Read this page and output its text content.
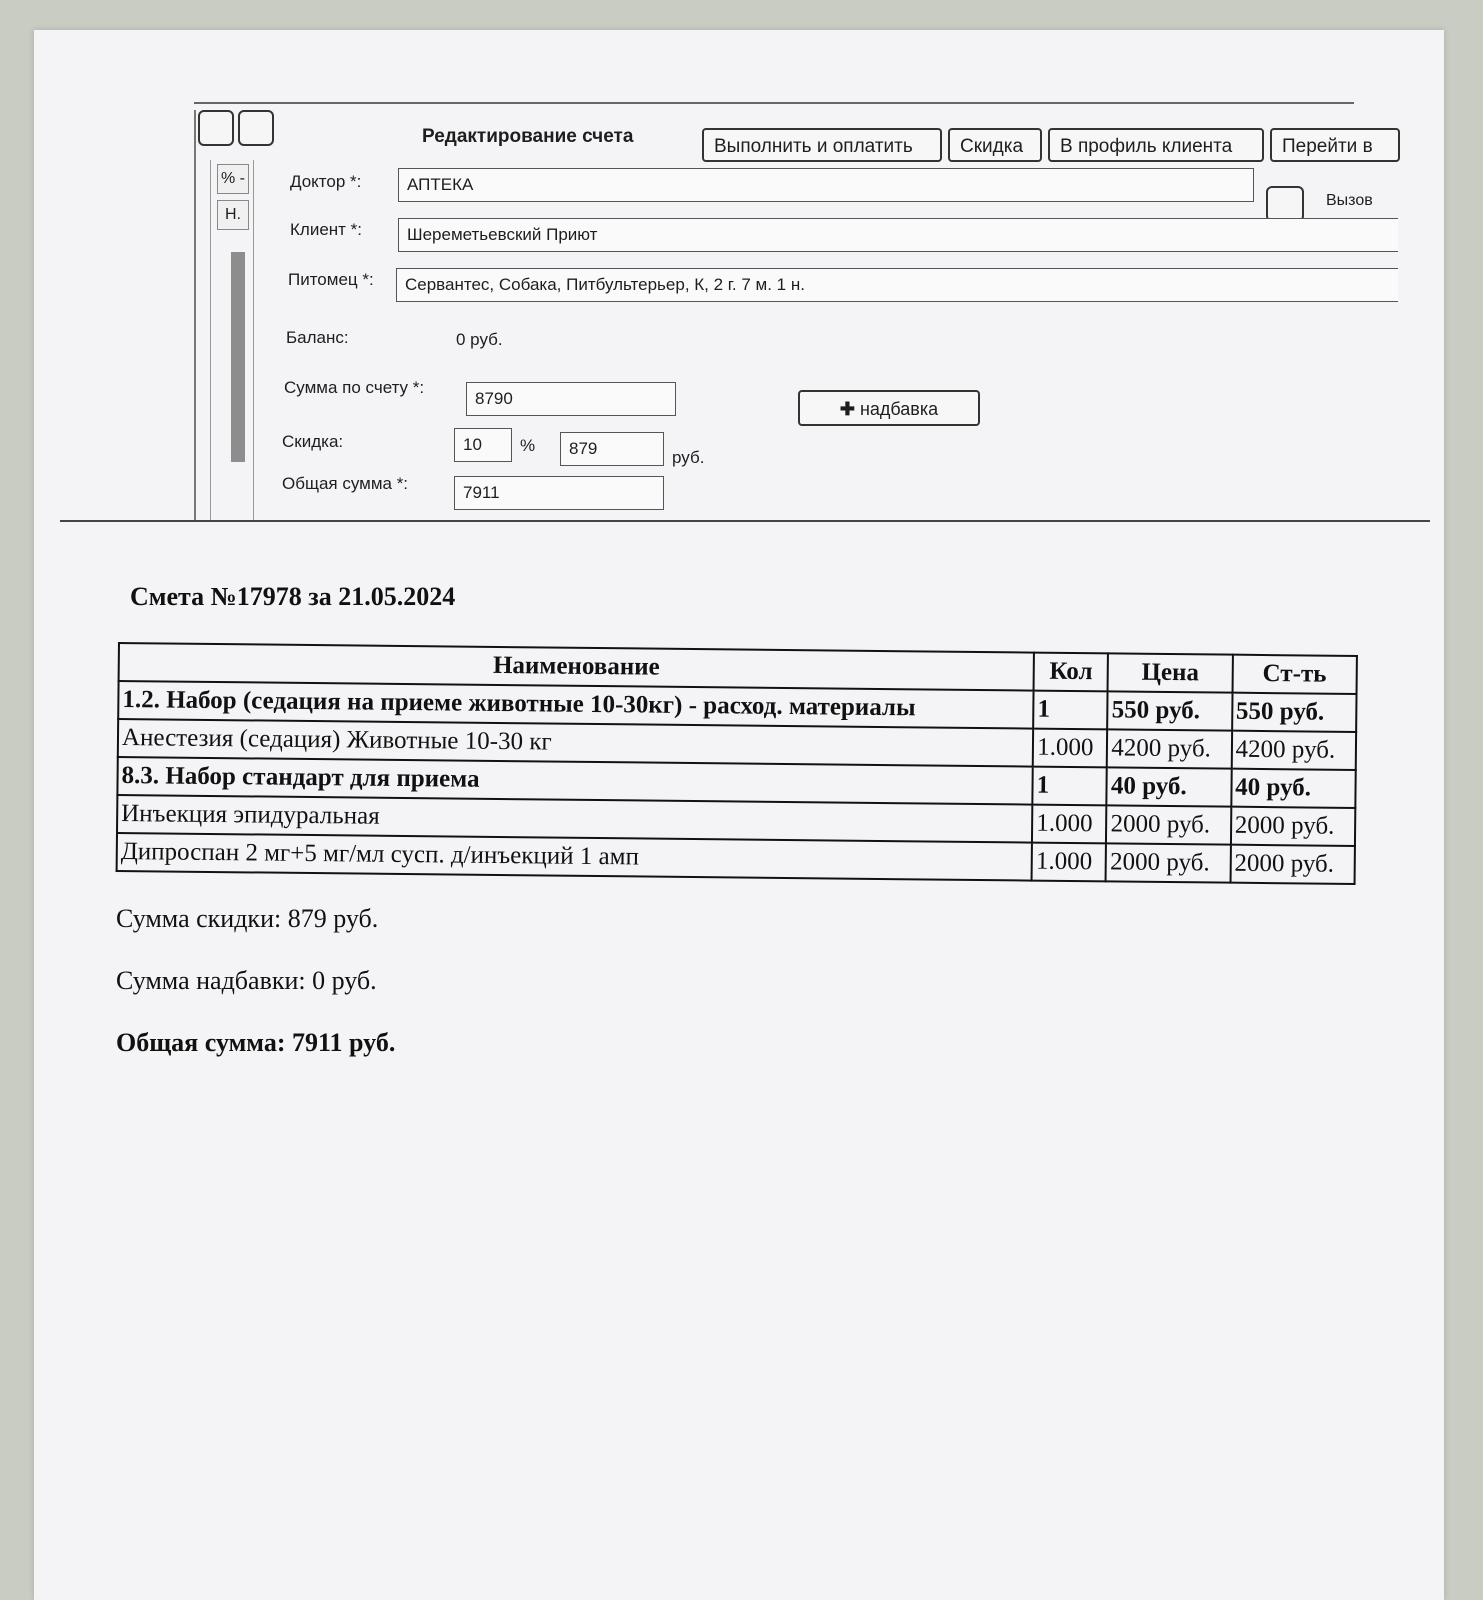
Редактирование счета	Выполнить и оплатить	Скидка	В профиль клиента	Перейти в
% -
Н.
Доктор *:	АПТЕКА
Вызов
Клиент *:	Шереметьевский Приют
Питомец *:	Сервантес, Собака, Питбультерьер, К, 2 г. 7 м. 1 н.
Баланс:	0 руб.
Сумма по счету *:
8790
✚ надбавка
Скидка:	10	%	879	руб.
Общая сумма *:	7911
Смета №17978 за 21.05.2024
Наименование	Кол	Цена	Ст-ть
1.2. Набор (седация на приеме животные 10-30кг) - расход. материалы	1	550 руб.	550 руб.
Анестезия (седация) Животные 10-30 кг	1.000	4200 руб.	4200 руб.
8.3. Набор стандарт для приема	1	40 руб.	40 руб.
Инъекция эпидуральная	1.000	2000 руб.	2000 руб.
Дипроспан 2 мг+5 мг/мл сусп. д/инъекций 1 амп	1.000	2000 руб.	2000 руб.
Сумма скидки: 879 руб.
Сумма надбавки: 0 руб.
Общая сумма: 7911 руб.
